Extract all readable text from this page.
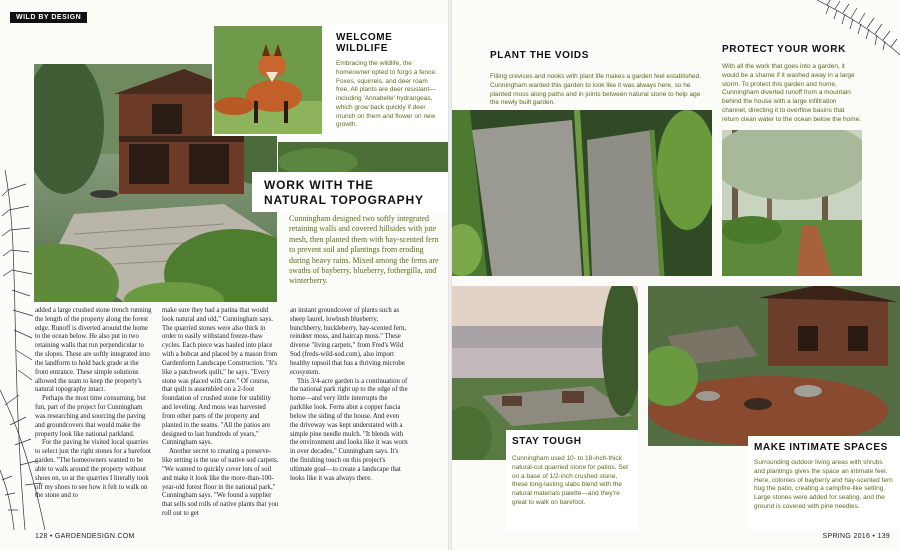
WILD BY DESIGN
WELCOME WILDLIFE
Embracing the wildlife, the homeowner opted to forgo a fence. Foxes, squirrels, and deer roam free. All plants are deer resistant—including 'Annabelle' hydrangeas, which grow back quickly if deer munch on them and flower on new growth.
WORK WITH THE NATURAL TOPOGRAPHY
Cunningham designed two softly integrated retaining walls and covered hillsides with jute mesh, then planted them with hay-scented fern to prevent soil and plantings from eroding during heavy rains. Mixed among the ferns are swaths of bayberry, blueberry, fothergilla, and winterberry.

added a large crushed stone trench running the length of the property along the forest edge. Runoff is diverted around the home to the ocean below. He also put in two retaining walls that run perpendicular to the slopes. These are softly integrated into the landform to hold back grade at the front entrance. These simple solutions allowed the team to keep the property's natural topography intact.

Perhaps the most time consuming, but fun, part of the project for Cunningham was researching and sourcing the paving and groundcovers that would make the property look like national parkland.

For the paving he visited local quarries to select just the right stones for a barefoot garden. "The homeowners wanted to be able to walk around the property without shoes on, so at the quarries I literally took off my shoes to see how it felt to walk on the stone and to

make sure they had a patina that would look natural and old," Cunningham says. The quarried stones were also thick in order to easily withstand freeze-thaw cycles. Each piece was hauled into place with a bobcat and placed by a mason from Gardenform Landscape Construction. "It's like a patchwork quilt," he says. "Every stone was placed with care." Of course, that quilt is assembled on a 2-foot foundation of crushed stone for stability and leveling. And moss was harvested from other parts of the property and planted in the seams. "All the patios are designed to last hundreds of years," Cunningham says.

Another secret to creating a preserve-like setting is the use of native sod carpets. "We wanted to quickly cover lots of soil and make it look like the more-than-100-year-old forest floor in the national park," Cunningham says. "We found a supplier that sells sod rolls of native plants that you roll out to get

an instant groundcover of plants such as sheep laurel, lowbush blueberry, bunchberry, huckleberry, hay-scented fern, reindeer moss, and haircap moss." These diverse "living carpets," from Fred's Wild Sod (freds-wild-sod.com), also import healthy topsoil that has a thriving microbe ecosystem.

This 3/4-acre garden is a continuation of the national park right up to the edge of the home—and very little interrupts the parklike look. Ferns abut a copper fascia below the siding of the house. And even the driveway was kept understated with a simple pine needle mulch. "It blends with the environment and looks like it was worn in over decades," Cunningham says. It's the finishing touch on this project's ultimate goal—to create a landscape that looks like it was always there.

128 • GARDENDESIGN.COM
PLANT THE VOIDS
Filling crevices and nooks with plant life makes a garden feel established. Cunningham wanted this garden to look like it was always here, so he planted moss along paths and in joints between natural stone to help age the newly built garden.
PROTECT YOUR WORK
With all the work that goes into a garden, it would be a shame if it washed away in a large storm. To protect this garden and home, Cunningham diverted runoff from a mountain behind the house with a large infiltration channel, directing it to overflow basins that return clean water to the ocean below the home.
STAY TOUGH
Cunningham used 10- to 18-inch-thick natural-cut quarried stone for patios. Set on a base of 1/2-inch crushed stone, these long-lasting slabs blend with the natural materials palette—and they're great to walk on barefoot.
MAKE INTIMATE SPACES
Surrounding outdoor living areas with shrubs and plantings gives the space an intimate feel. Here, colonies of bayberry and hay-scented fern hug the patio, creating a campfire-like setting. Large stones were added for seating, and the ground is covered with pine needles.
SPRING 2016 • 139
